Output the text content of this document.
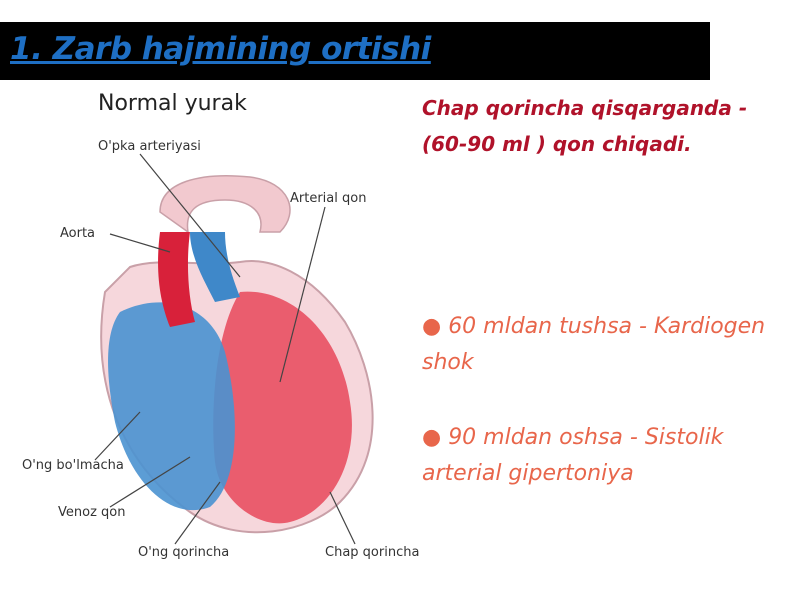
1. Zarb hajmining ortishi
Normal yurak
O'pka arteriyasi
Arterial qon
Aorta
O'ng bo'lmacha
Venoz qon
O'ng qorincha	Chap qorincha
Chap qorincha qisqarganda -
(60-90 ml ) qon chiqadi.
● 60 mldan tushsa - Kardiogen shok
● 90 mldan oshsa - Sistolik arterial gipertoniya
